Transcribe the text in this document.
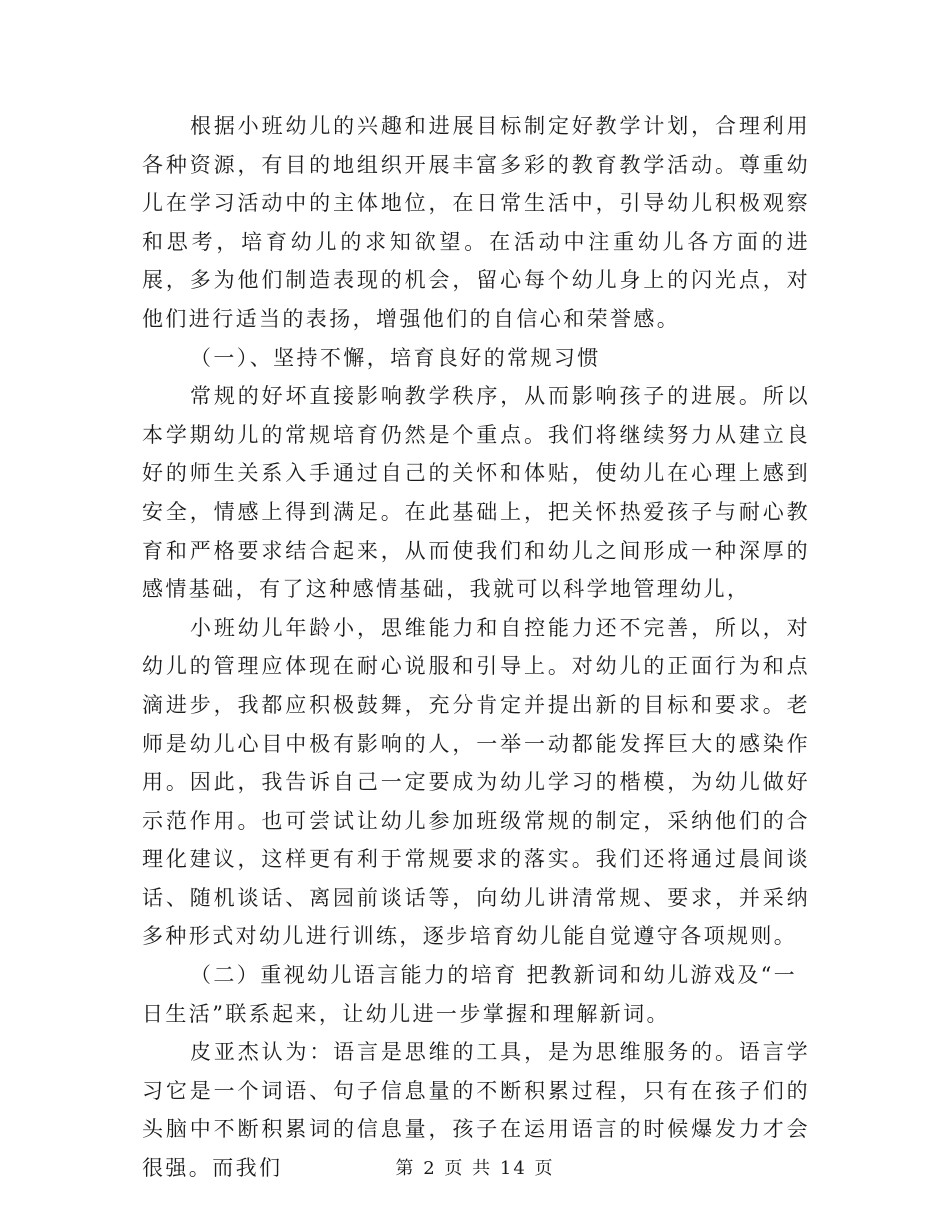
根据小班幼儿的兴趣和进展目标制定好教学计划，合理利用各种资源，有目的地组织开展丰富多彩的教育教学活动。尊重幼儿在学习活动中的主体地位，在日常生活中，引导幼儿积极观察和思考，培育幼儿的求知欲望。在活动中注重幼儿各方面的进展，多为他们制造表现的机会，留心每个幼儿身上的闪光点，对他们进行适当的表扬，增强他们的自信心和荣誉感。

（一）、坚持不懈，培育良好的常规习惯

常规的好坏直接影响教学秩序，从而影响孩子的进展。所以本学期幼儿的常规培育仍然是个重点。我们将继续努力从建立良好的师生关系入手通过自己的关怀和体贴，使幼儿在心理上感到安全，情感上得到满足。在此基础上，把关怀热爱孩子与耐心教育和严格要求结合起来，从而使我们和幼儿之间形成一种深厚的感情基础，有了这种感情基础，我就可以科学地管理幼儿，

小班幼儿年龄小，思维能力和自控能力还不完善，所以，对幼儿的管理应体现在耐心说服和引导上。对幼儿的正面行为和点滴进步，我都应积极鼓舞，充分肯定并提出新的目标和要求。老师是幼儿心目中极有影响的人，一举一动都能发挥巨大的感染作用。因此，我告诉自己一定要成为幼儿学习的楷模，为幼儿做好示范作用。也可尝试让幼儿参加班级常规的制定，采纳他们的合理化建议，这样更有利于常规要求的落实。我们还将通过晨间谈话、随机谈话、离园前谈话等，向幼儿讲清常规、要求，并采纳多种形式对幼儿进行训练，逐步培育幼儿能自觉遵守各项规则。

（二）重视幼儿语言能力的培育 把教新词和幼儿游戏及“一日生活”联系起来，让幼儿进一步掌握和理解新词。

皮亚杰认为：语言是思维的工具，是为思维服务的。语言学习它是一个词语、句子信息量的不断积累过程，只有在孩子们的头脑中不断积累词的信息量，孩子在运用语言的时候爆发力才会很强。而我们	第 2 页 共 14 页
